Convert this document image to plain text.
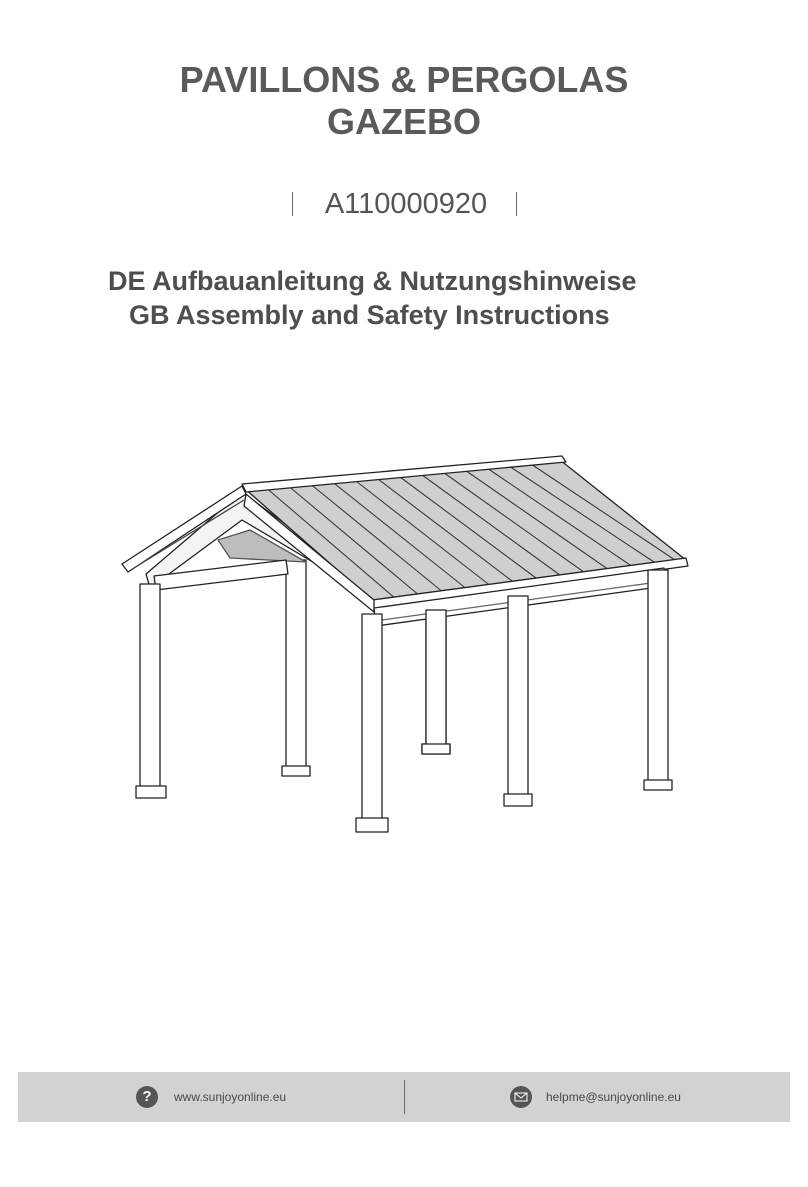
PAVILLONS & PERGOLAS
GAZEBO
A110000920
DE Aufbauanleitung & Nutzungshinweise
GB Assembly and Safety Instructions
?	www.sunjoyonline.eu	helpme@sunjoyonline.eu
